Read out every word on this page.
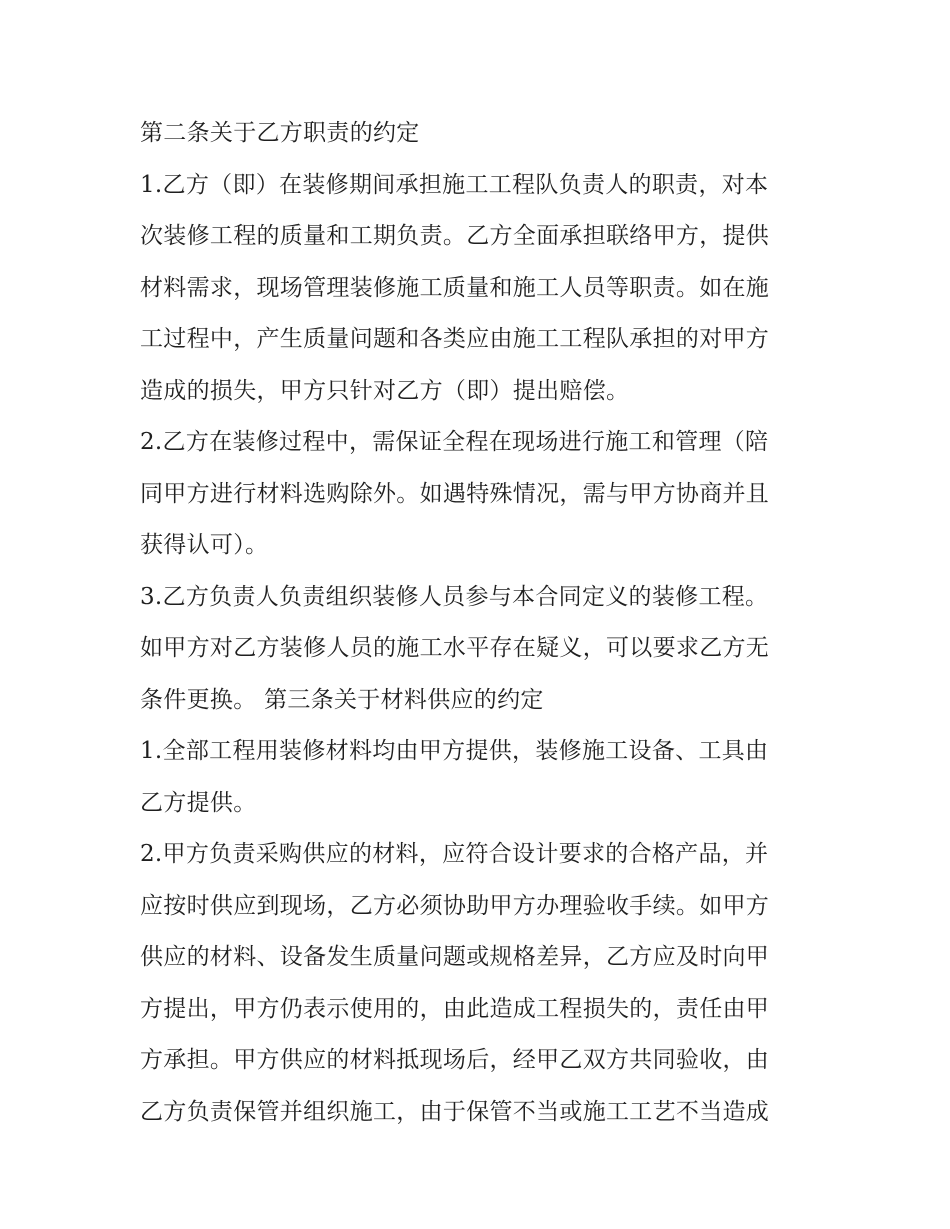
第二条关于乙方职责的约定
1.乙方（即）在装修期间承担施工工程队负责人的职责，对本
次装修工程的质量和工期负责。乙方全面承担联络甲方，提供
材料需求，现场管理装修施工质量和施工人员等职责。如在施
工过程中，产生质量问题和各类应由施工工程队承担的对甲方
造成的损失，甲方只针对乙方（即）提出赔偿。
2.乙方在装修过程中，需保证全程在现场进行施工和管理（陪
同甲方进行材料选购除外。如遇特殊情况，需与甲方协商并且
获得认可）。
3.乙方负责人负责组织装修人员参与本合同定义的装修工程。
如甲方对乙方装修人员的施工水平存在疑义，可以要求乙方无
条件更换。 第三条关于材料供应的约定
1.全部工程用装修材料均由甲方提供，装修施工设备、工具由
乙方提供。
2.甲方负责采购供应的材料，应符合设计要求的合格产品，并
应按时供应到现场，乙方必须协助甲方办理验收手续。如甲方
供应的材料、设备发生质量问题或规格差异，乙方应及时向甲
方提出，甲方仍表示使用的，由此造成工程损失的，责任由甲
方承担。甲方供应的材料抵现场后，经甲乙双方共同验收，由
乙方负责保管并组织施工，由于保管不当或施工工艺不当造成
